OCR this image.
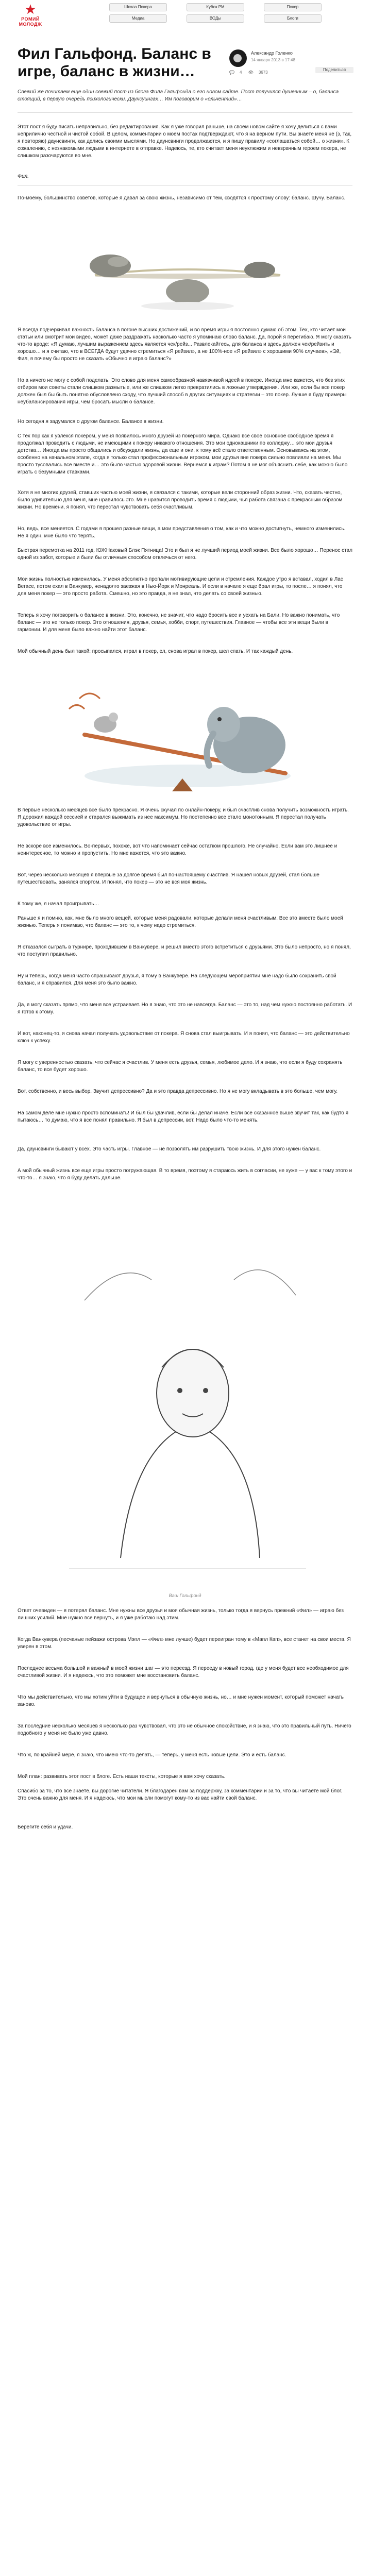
★
РОМИЙ
МОЛОДЖ
Школа Покера	Кубок РМ	Покер
Медиа	ВОДы	Блоги
Фил Гальфонд. Баланс в игре, баланс в жизни…
Александр Голенко
14 января 2013 в 17:48
💬 4 👁 3673
Поделиться
Свежий же почитаем еще один свежий пост из блога Фила Гальфонда о его новом сайте. Пост получился душевным – о, баланса стоящий, в первую очередь психологически. Даунсуингах… Им поговорим о «ольчентий»…
Этот пост я буду писать неправильно, без редактирования. Как я уже говорил раньше, на своем новом сайте я хочу делиться с вами неприлично честной и чистой собой. В целом, комментарии о моем постах подтверждают, что я на верном пути. Вы знаете меня не (з, так, я повторяю) даунсвинги, как делись своими мыслями. Но даунсвинги продолжаются, и я пишу правилу «соглашаться собой… о жизни». К сожалению, с незнакомыми людьми в интернете в отправке. Надеюсь, те, кто считает меня неуклюжим и невзрачным героем покера, не слишком разочаруются во мне.
Фил.
По-моему, большинство советов, которые я давал за свою жизнь, независимо от тем, сводятся к простому слову: баланс. Шучу. Баланс.
Я всегда подчеркивал важность баланса в погоне высших достижений, и во время игры я постоянно думаю об этом. Тех, кто читает мои статьи или смотрит мои видео, может даже раздражать насколько часто я упоминаю слово баланс. Да, порой я перегибаю. Я могу сказать что-то вроде: «Я думаю, лучшим выражением здесь является чек/рейз... Развлекайтесь, для баланса и здесь должен чек/рейзить и хорошо… и я считаю, что в ВСЕГДА будут удачно стремиться «Я рейзил», а не 100%-ное «Я рейзил» с хорошими 90% случаев», «Эй, Фил, я почему бы просто не сказать «Обычно я играю баланс?»
Но а ничего не могу с собой поделать. Это слово для меня самообразной навязчивой идеей в покере. Иногда мне кажется, что без этих отбиров мои советы стали слишком размытые, или же слишком легко превратились в ложные утверждения. Или же, если бы все покер должен был бы быть понятно обусловлено сходу, что лучший способ в других ситуациях и стратегии – это покер. Лучше я буду примеры неубалансирования игры, чем бросать мысли о балансе.
Но сегодня я задумался о другом балансе. Балансе в жизни.
С тех пор как я увлекся покером, у меня появилось много друзей из покерного мира. Однако все свое основное свободное время я продолжал проводить с людьми, не имеющими к покеру никакого отношения. Это мои однокашники по колледжу… это мои друзья детства… Иногда мы просто общались и обсуждали жизнь, да еще и они, к тому всё стало ответственным. Основываясь на этом, особенно на начальном этапе, когда я только стал профессиональным игроком, мои друзья вне покера сильно повлияли на меня. Мы просто тусовались все вместе и… это было частью здоровой жизни. Вернемся к играм? Потом я не мог объяснить себе, как можно было играть с безумными ставками.
Хотя я не многих друзей, ставших частью моей жизни, я связался с такими, которые вели сторонний образ жизни. Что, сказать честно, было удивительно для меня, мне нравилось это. Мне нравится проводить время с людьми, чья работа связана с прекрасным образом жизни. Но времени, я понял, что перестал чувствовать себя счастливым.
Но, ведь, все меняется. С годами я прошел разные вещи, а мои представления о том, как и что можно достигнуть, немного изменились. Не я один, мне было что терять.
Быстрая перемотка на 2011 год. ЮЖНаковый Блэк Пятница! Это и был я не лучший период моей жизни. Все было хорошо… Перенос стал одной из забот, которые и были бы отличным способом отвлечься от него.
Мои жизнь полностью изменилась. У меня абсолютно пропали мотивирующие цели и стремления. Каждое утро я вставал, ходил в Лас Вегасе, потом ехал в Ванкувер, ненадолго заезжая в Нью-Йорк и Монреаль. И если в начале я еще брал игры, то после… я понял, что для меня покер — это просто работа. Смешно, но это правда, я не знал, что делать со своей жизнью.
Теперь я хочу поговорить о балансе в жизни. Это, конечно, не значит, что надо бросить все и уехать на Бали. Но важно понимать, что баланс — это не только покер. Это отношения, друзья, семья, хобби, спорт, путешествия. Главное — чтобы все эти вещи были в гармонии. И для меня было важно найти этот баланс.
Мой обычный день был такой: просыпался, играл в покер, ел, снова играл в покер, шел спать. И так каждый день.
В первые несколько месяцев все было прекрасно. Я очень скучал по онлайн-покеру, и был счастлив снова получить возможность играть. Я дорожил каждой сессией и старался выжимать из нее максимум. Но постепенно все стало монотонным. Я перестал получать удовольствие от игры.
Не вскоре все изменилось. Во-первых, похоже, вот что напоминает сейчас остатком прошлого. Не случайно. Если вам это лишнее и неинтересное, то можно и пропустить. Но мне кажется, что это важно.
Вот, через несколько месяцев я впервые за долгое время был по-настоящему счастлив. Я нашел новых друзей, стал больше путешествовать, занялся спортом. И понял, что покер — это не вся моя жизнь.
К тому же, я начал проигрывать…
Раньше я и помню, как, мне было много вещей, которые меня радовали, которые делали меня счастливым. Все это вместе было моей жизнью. Теперь я понимаю, что баланс — это то, к чему надо стремиться.
Я отказался сыграть в турнире, проходившем в Ванкувере, и решил вместо этого встретиться с друзьями. Это было непросто, но я понял, что поступил правильно.
Ну и теперь, когда меня часто спрашивают друзья, я тому в Ванкувере. На следующем мероприятии мне надо было сохранить свой баланс, и я справился. Для меня это было важно.
Да, я могу сказать прямо, что меня все устраивает. Но я знаю, что это не навсегда. Баланс — это то, над чем нужно постоянно работать. И я готов к этому.
И вот, наконец-то, я снова начал получать удовольствие от покера. Я снова стал выигрывать. И я понял, что баланс — это действительно ключ к успеху.
Я могу с уверенностью сказать, что сейчас я счастлив. У меня есть друзья, семья, любимое дело. И я знаю, что если я буду сохранять баланс, то все будет хорошо.
Вот, собственно, и весь выбор. Звучит депрессивно? Да и это правда депрессивно. Но я не могу вкладывать в это больше, чем могу.
На самом деле мне нужно просто вспоминать! И был бы удачлив, если бы делал иначе. Если все сказанное выше звучит так, как будто я пытаюсь… то думаю, что я все понял правильно. Я был в депрессии, вот. Надо было что-то менять.
Да, даунсвинги бывают у всех. Это часть игры. Главное — не позволять им разрушить твою жизнь. И для этого нужен баланс.
А мой обычный жизнь все еще игры просто погружающая. В то время, поэтому я стараюсь жить в согласии, не хуже — у вас к тому этого и что-то… я знаю, что я буду делать дальше.
Ваш Гальфонд
Ответ очевиден — я потерял баланс. Мне нужны все друзья и моя обычная жизнь, только тогда я вернусь прежний «Фил» — играю без лишних усилий. Мне нужно все вернуть, и я уже работаю над этим.
Когда Ванкувера (песчаные пейзажи острова Мэпл — «Фил» мне лучше) будет переигран тому в «Мапл Кап», все станет на свои места. Я уверен в этом.
Последнее весьма большой и важный в моей жизни шаг — это переезд. Я перееду в новый город, где у меня будет все необходимое для счастливой жизни. И я надеюсь, что это поможет мне восстановить баланс.
Что мы действительно, что мы хотим уйти в будущее и вернуться в обычную жизнь, но… и мне нужен момент, который поможет начать заново.
За последние несколько месяцев я несколько раз чувствовал, что это не обычное спокойствие, и я знаю, что это правильный путь. Ничего подобного у меня не было уже давно.
Что ж, по крайней мере, я знаю, что имею что-то делать, — теперь, у меня есть новые цели. Это и есть баланс.
Мой план: развивать этот пост в блоге. Есть наши тексты, которые я вам хочу сказать.
Спасибо за то, что все знаете, вы дорогие читатели. Я благодарен вам за поддержку, за комментарии и за то, что вы читаете мой блог. Это очень важно для меня. И я надеюсь, что мои мысли помогут кому-то из вас найти свой баланс.
Берегите себя и удачи.
